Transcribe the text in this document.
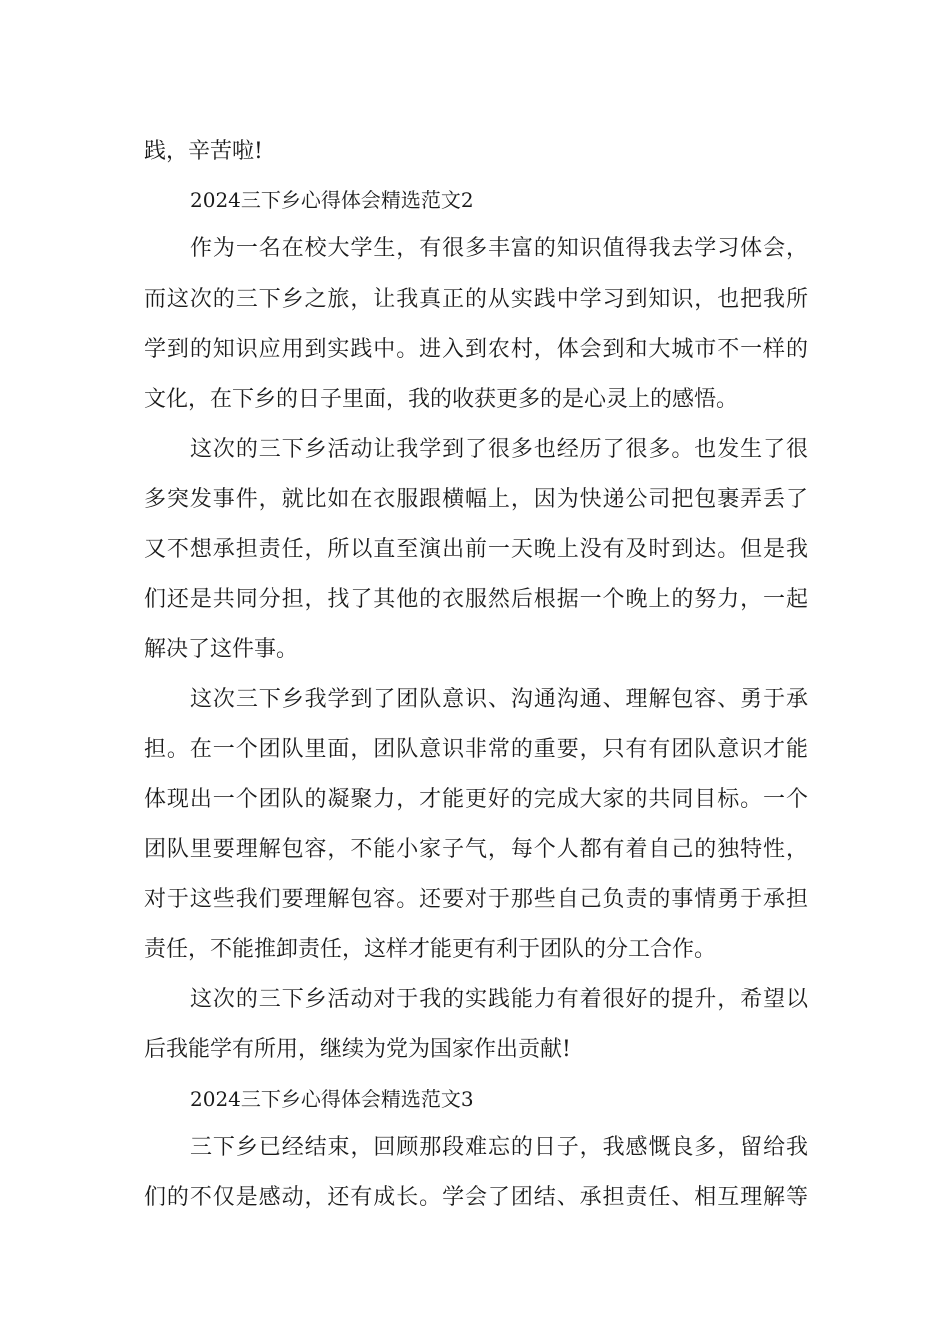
践，辛苦啦!
2024三下乡心得体会精选范文2
作为一名在校大学生，有很多丰富的知识值得我去学习体会，
而这次的三下乡之旅，让我真正的从实践中学习到知识，也把我所
学到的知识应用到实践中。进入到农村，体会到和大城市不一样的
文化，在下乡的日子里面，我的收获更多的是心灵上的感悟。
这次的三下乡活动让我学到了很多也经历了很多。也发生了很
多突发事件，就比如在衣服跟横幅上，因为快递公司把包裹弄丢了
又不想承担责任，所以直至演出前一天晚上没有及时到达。但是我
们还是共同分担，找了其他的衣服然后根据一个晚上的努力，一起
解决了这件事。
这次三下乡我学到了团队意识、沟通沟通、理解包容、勇于承
担。在一个团队里面，团队意识非常的重要，只有有团队意识才能
体现出一个团队的凝聚力，才能更好的完成大家的共同目标。一个
团队里要理解包容，不能小家子气，每个人都有着自己的独特性，
对于这些我们要理解包容。还要对于那些自己负责的事情勇于承担
责任，不能推卸责任，这样才能更有利于团队的分工合作。
这次的三下乡活动对于我的实践能力有着很好的提升，希望以
后我能学有所用，继续为党为国家作出贡献!
2024三下乡心得体会精选范文3
三下乡已经结束，回顾那段难忘的日子，我感慨良多，留给我
们的不仅是感动，还有成长。学会了团结、承担责任、相互理解等
